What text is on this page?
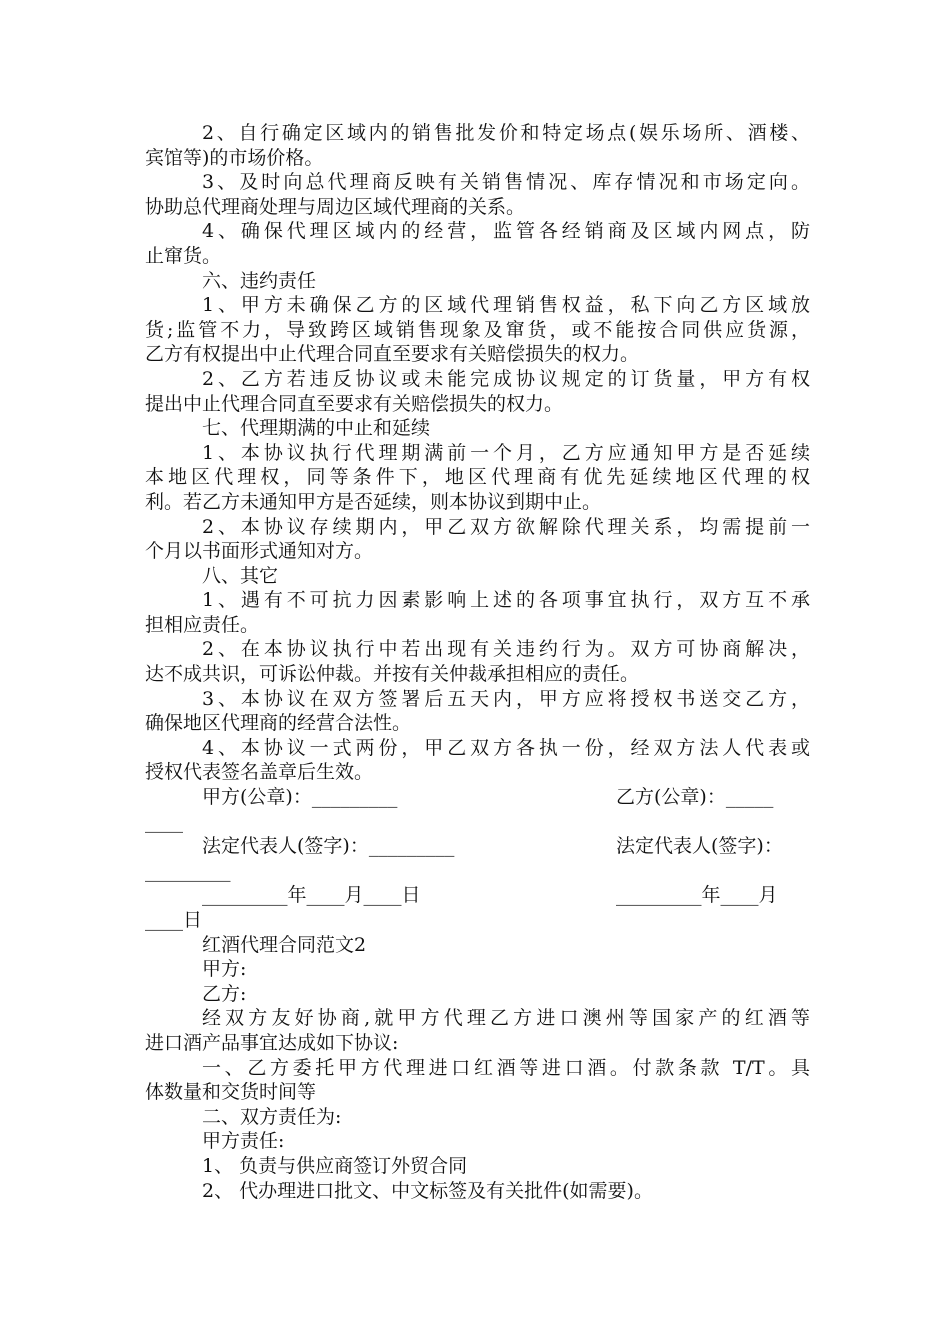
2、自行确定区域内的销售批发价和特定场点(娱乐场所、酒楼、
宾馆等)的市场价格。
3、及时向总代理商反映有关销售情况、库存情况和市场定向。
协助总代理商处理与周边区域代理商的关系。
4、确保代理区域内的经营，监管各经销商及区域内网点，防
止窜货。
六、违约责任
1、甲方未确保乙方的区域代理销售权益，私下向乙方区域放
货;监管不力，导致跨区域销售现象及窜货，或不能按合同供应货源，
乙方有权提出中止代理合同直至要求有关赔偿损失的权力。
2、乙方若违反协议或未能完成协议规定的订货量，甲方有权
提出中止代理合同直至要求有关赔偿损失的权力。
七、代理期满的中止和延续
1、本协议执行代理期满前一个月，乙方应通知甲方是否延续
本地区代理权，同等条件下，地区代理商有优先延续地区代理的权
利。若乙方未通知甲方是否延续，则本协议到期中止。
2、本协议存续期内，甲乙双方欲解除代理关系，均需提前一
个月以书面形式通知对方。
八、其它
1、遇有不可抗力因素影响上述的各项事宜执行，双方互不承
担相应责任。
2、在本协议执行中若出现有关违约行为。双方可协商解决，
达不成共识，可诉讼仲裁。并按有关仲裁承担相应的责任。
3、本协议在双方签署后五天内，甲方应将授权书送交乙方，
确保地区代理商的经营合法性。
4、本协议一式两份，甲乙双方各执一份，经双方法人代表或
授权代表签名盖章后生效。
甲方(公章)：_________	乙方(公章)：_____
____
法定代表人(签字)：_________	法定代表人(签字)：
_________
_________年____月____日	_________年____月
____日
红酒代理合同范文2
甲方:
乙方:
经双方友好协商,就甲方代理乙方进口澳州等国家产的红酒等
进口酒产品事宜达成如下协议:
一、乙方委托甲方代理进口红酒等进口酒。付款条款 T/T。具
体数量和交货时间等
二、双方责任为:
甲方责任:
1、 负责与供应商签订外贸合同
2、 代办理进口批文、中文标签及有关批件(如需要)。
